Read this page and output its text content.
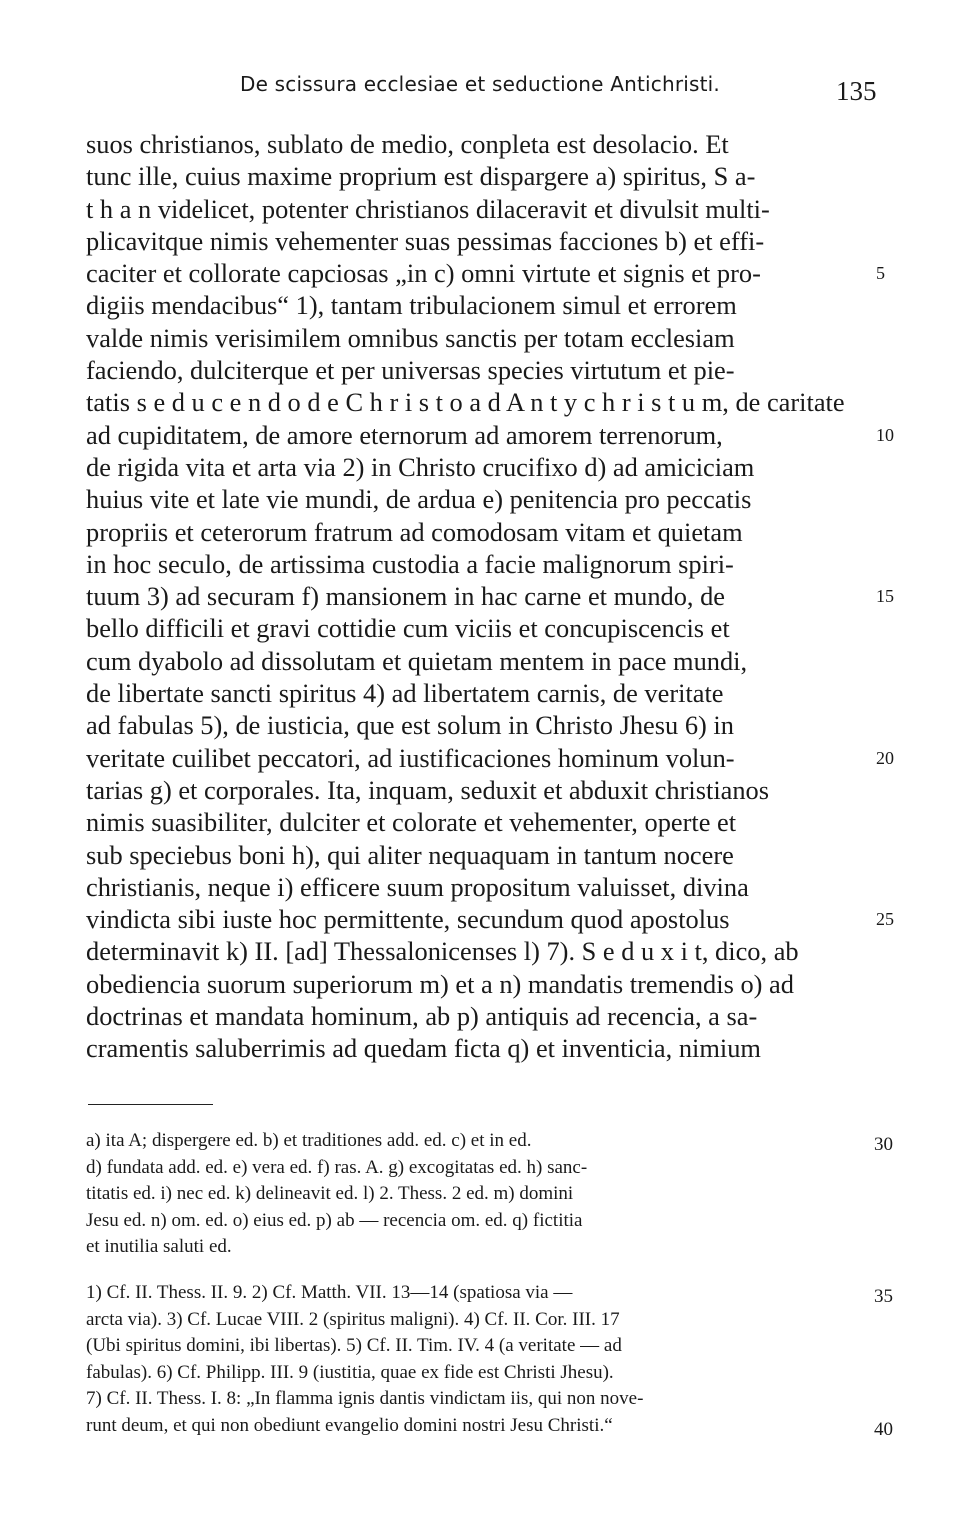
De scissura ecclesiae et seductione Antichristi.	135
suos christianos, sublato de medio, conpleta est desolacio. Et
tunc ille, cuius maxime proprium est dispargere a) spiritus, S a-
t h a n videlicet, potenter christianos dilaceravit et divulsit multi-
plicavitque nimis vehementer suas pessimas facciones b) et effi-
caciter et collorate capciosas „in c) omni virtute et signis et pro-
digiis mendacibus“ 1), tantam tribulacionem simul et errorem
valde nimis verisimilem omnibus sanctis per totam ecclesiam
faciendo, dulciterque et per universas species virtutum et pie-
tatis s e d u c e n d o d e C h r i s t o a d A n t y c h r i s t u m, de caritate
ad cupiditatem, de amore eternorum ad amorem terrenorum,
de rigida vita et arta via 2) in Christo crucifixo d) ad amiciciam
huius vite et late vie mundi, de ardua e) penitencia pro peccatis
propriis et ceterorum fratrum ad comodosam vitam et quietam
in hoc seculo, de artissima custodia a facie malignorum spiri-
tuum 3) ad securam f) mansionem in hac carne et mundo, de
bello difficili et gravi cottidie cum viciis et concupiscencis et
cum dyabolo ad dissolutam et quietam mentem in pace mundi,
de libertate sancti spiritus 4) ad libertatem carnis, de veritate
ad fabulas 5), de iusticia, que est solum in Christo Jhesu 6) in
veritate cuilibet peccatori, ad iustificaciones hominum volun-
tarias g) et corporales. Ita, inquam, seduxit et abduxit christianos
nimis suasibiliter, dulciter et colorate et vehementer, operte et
sub speciebus boni h), qui aliter nequaquam in tantum nocere
christianis, neque i) efficere suum propositum valuisset, divina
vindicta sibi iuste hoc permittente, secundum quod apostolus
determinavit k) II. [ad] Thessalonicenses l) 7). S e d u x i t, dico, ab
obediencia suorum superiorum m) et a n) mandatis tremendis o) ad
doctrinas et mandata hominum, ab p) antiquis ad recencia, a sa-
cramentis saluberrimis ad quedam ficta q) et inventicia, nimium
5
10
15
20
25
a) ita A; dispergere ed. b) et traditiones add. ed. c) et in ed.
d) fundata add. ed. e) vera ed. f) ras. A. g) excogitatas ed. h) sanc-
titatis ed. i) nec ed. k) delineavit ed. l) 2. Thess. 2 ed. m) domini
Jesu ed. n) om. ed. o) eius ed. p) ab — recencia om. ed. q) fictitia
et inutilia saluti ed.
30
1) Cf. II. Thess. II. 9. 2) Cf. Matth. VII. 13—14 (spatiosa via —
arcta via). 3) Cf. Lucae VIII. 2 (spiritus maligni). 4) Cf. II. Cor. III. 17
(Ubi spiritus domini, ibi libertas). 5) Cf. II. Tim. IV. 4 (a veritate — ad
fabulas). 6) Cf. Philipp. III. 9 (iustitia, quae ex fide est Christi Jhesu).
7) Cf. II. Thess. I. 8: „In flamma ignis dantis vindictam iis, qui non nove-
runt deum, et qui non obediunt evangelio domini nostri Jesu Christi.“
35
40
